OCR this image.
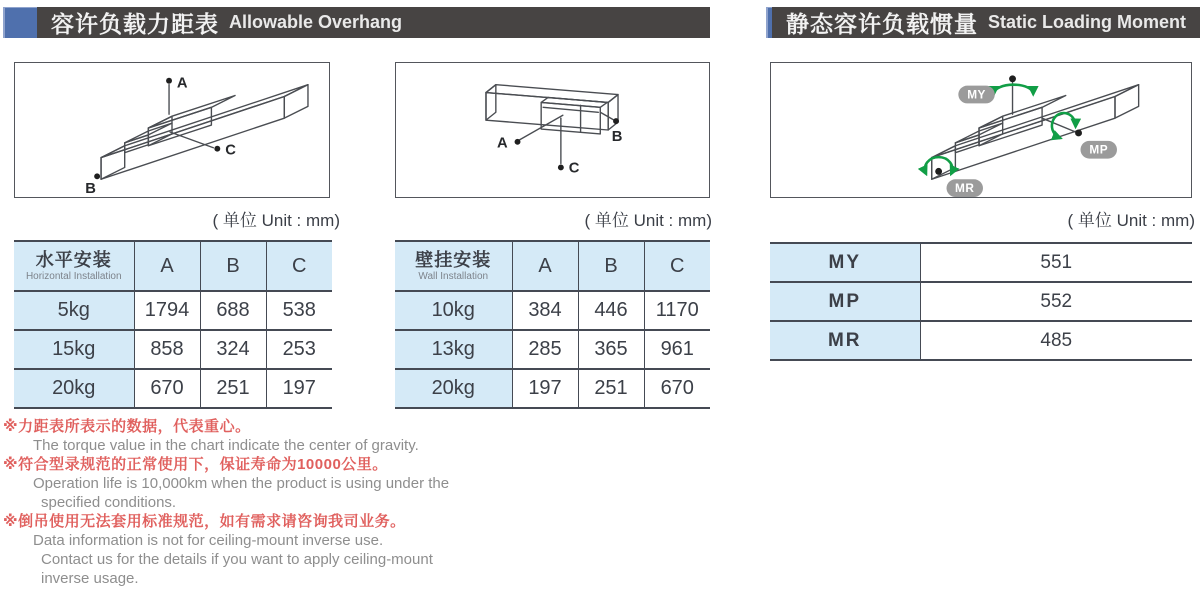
容许负载力距表 Allowable Overhang	静态容许负载惯量 Static Loading Moment
A
C
B
A	B
C
MY
MP
MR
( 单位 Unit : mm)	( 单位 Unit : mm)	( 单位 Unit : mm)
水平安装
Horizontal Installation	A	B	C
5kg	1794	688	538
15kg	858	324	253
20kg	670	251	197
壁挂安装
Wall Installation	A	B	C
10kg	384	446	1170
13kg	285	365	961
20kg	197	251	670
MY	551
MP	552
MR	485
※力距表所表示的数据，代表重心。
The torque value in the chart indicate the center of gravity.
※符合型录规范的正常使用下，保证寿命为10000公里。
Operation life is 10,000km when the product is using under the
specified conditions.
※倒吊使用无法套用标准规范，如有需求请咨询我司业务。
Data information is not for ceiling-mount inverse use.
Contact us for the details if you want to apply ceiling-mount
inverse usage.
